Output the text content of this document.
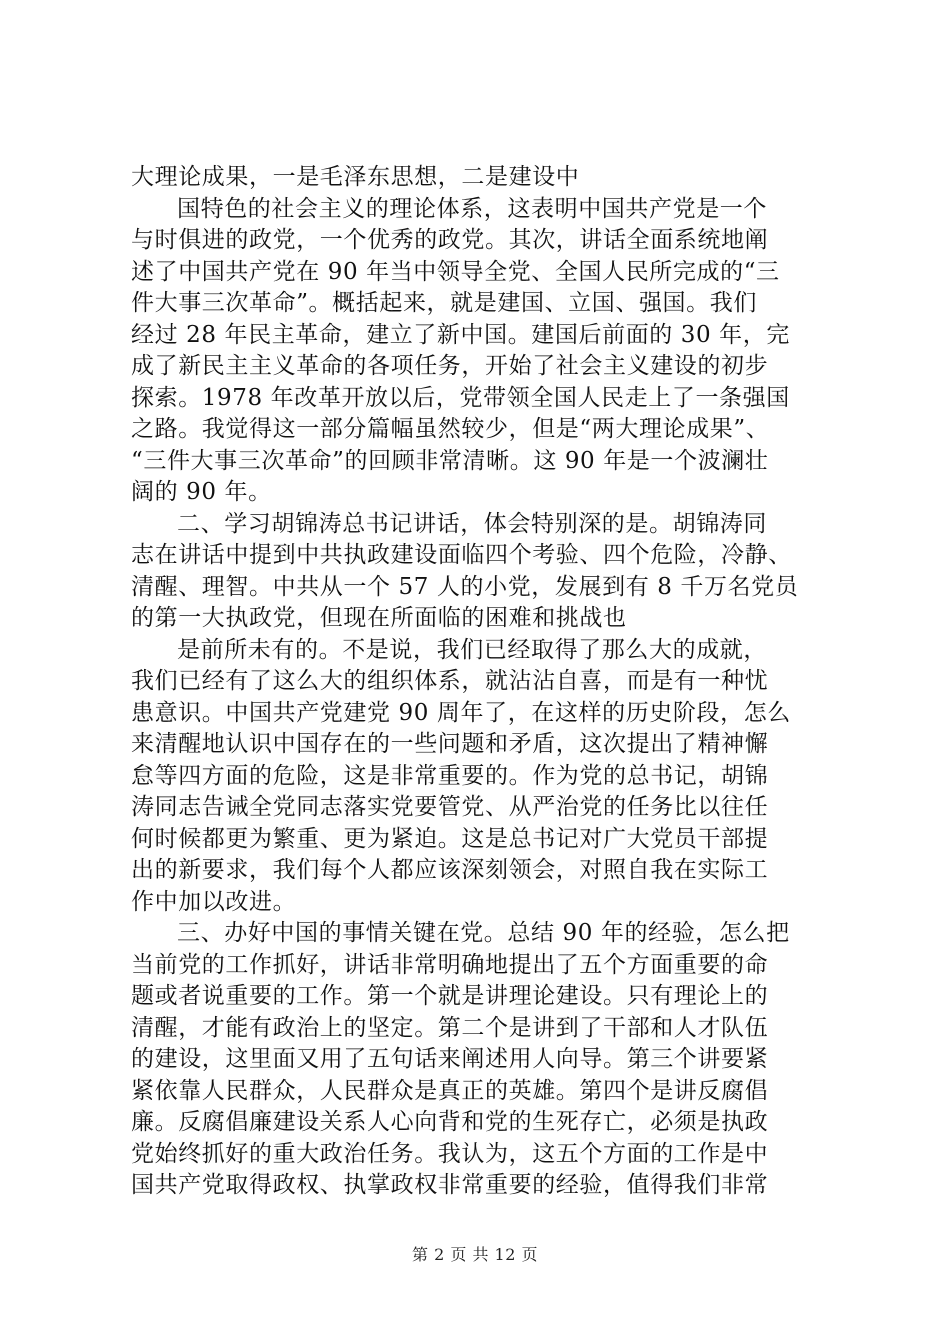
大理论成果，一是毛泽东思想，二是建设中
国特色的社会主义的理论体系，这表明中国共产党是一个
与时俱进的政党，一个优秀的政党。其次，讲话全面系统地阐
述了中国共产党在 90 年当中领导全党、全国人民所完成的“三
件大事三次革命”。概括起来，就是建国、立国、强国。我们
经过 28 年民主革命，建立了新中国。建国后前面的 30 年，完
成了新民主主义革命的各项任务，开始了社会主义建设的初步
探索。1978 年改革开放以后，党带领全国人民走上了一条强国
之路。我觉得这一部分篇幅虽然较少，但是“两大理论成果”、
“三件大事三次革命”的回顾非常清晰。这 90 年是一个波澜壮
阔的 90 年。
二、学习胡锦涛总书记讲话，体会特别深的是。胡锦涛同
志在讲话中提到中共执政建设面临四个考验、四个危险，冷静、
清醒、理智。中共从一个 57 人的小党，发展到有 8 千万名党员
的第一大执政党，但现在所面临的困难和挑战也
是前所未有的。不是说，我们已经取得了那么大的成就，
我们已经有了这么大的组织体系，就沾沾自喜，而是有一种忧
患意识。中国共产党建党 90 周年了，在这样的历史阶段，怎么
来清醒地认识中国存在的一些问题和矛盾，这次提出了精神懈
怠等四方面的危险，这是非常重要的。作为党的总书记，胡锦
涛同志告诫全党同志落实党要管党、从严治党的任务比以往任
何时候都更为繁重、更为紧迫。这是总书记对广大党员干部提
出的新要求，我们每个人都应该深刻领会，对照自我在实际工
作中加以改进。
三、办好中国的事情关键在党。总结 90 年的经验，怎么把
当前党的工作抓好，讲话非常明确地提出了五个方面重要的命
题或者说重要的工作。第一个就是讲理论建设。只有理论上的
清醒，才能有政治上的坚定。第二个是讲到了干部和人才队伍
的建设，这里面又用了五句话来阐述用人向导。第三个讲要紧
紧依靠人民群众，人民群众是真正的英雄。第四个是讲反腐倡
廉。反腐倡廉建设关系人心向背和党的生死存亡，必须是执政
党始终抓好的重大政治任务。我认为，这五个方面的工作是中
国共产党取得政权、执掌政权非常重要的经验，值得我们非常
第 2 页 共 12 页
